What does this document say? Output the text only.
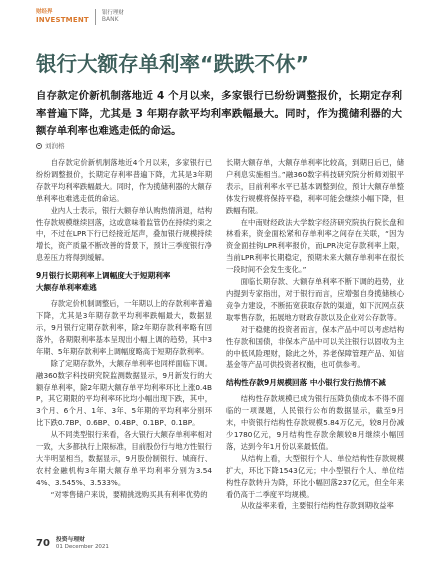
财经界
INVESTMENT
银行理财
BANK
银行大额存单利率“跌跌不休”
自存款定价新机制落地近 4 个月以来，多家银行已纷纷调整报价，长期定存利率普遍下降，尤其是 3 年期存款平均利率跌幅最大。同时，作为揽储利器的大额存单利率也难逃走低的命运。
刘润榕

自存款定价新机制落地近4个月以来，多家银行已纷纷调整报价，长期定存利率普遍下降，尤其是3年期存款平均利率跌幅最大。同时，作为揽储利器的大额存单利率也难逃走低的命运。

业内人士表示，银行大额存单认购热情消退，结构性存款规模继续回落，这或意味着监管仍在持续约束之中，不过在LPR下行已经接近尾声，叠加银行规模持续增长，资产质量不断改善的背景下，预计三季度银行净息差压力将得到缓解。

9月银行长期利率上调幅度大于短期利率
大额存单利率难逃

存款定价机制调整后，一年期以上的存款利率普遍下降，尤其是3年期存款平均利率跌幅最大，数据显示，9月银行定期存款利率，除2年期存款利率略有回落外，各期限利率基本呈现出小幅上调的趋势，其中3年期、5年期存款利率上调幅度略高于短期存款利率。

除了定期存款外，大额存单利率也同样面临下调。融360数字科技研究院监测数据显示，9月新发行的大额存单利率，除2年期大额存单平均利率环比上涨0.4BP，其它期限的平均利率环比均小幅出现下跌，其中，3个月、6个月、1年、3年、5年期的平均利率分别环比下跌0.7BP、0.6BP、0.4BP、0.1BP、0.1BP。

从不同类型银行来看，各大银行大额存单利率相对一致，大多都执行上限标准，目前股份行与地方性银行大半明显相当，数据显示，9月股份制银行、城商行、农村金融机构3年期大额存单平均利率分别为3.544%、3.545%、3.533%。

“对零售储户来说，要精挑选购买具有利率优势的

长期大额存单，大额存单利率比较高，到期日后已，储户利息实施相当。”融360数字科技研究院分析师刘银平表示，目前利率水平已基本调整到位，预计大额存单整体发行规模将保持平稳，利率可能会继续小幅下降，但跌幅有限。

在中南财经政法大学数字经济研究院执行院长盘和林看来，资金面松紧和存单利率之间存在关联，“因为资金面挂钩LPR利率报价，而LPR决定存款利率上限，当前LPR利率长期稳定，预期未来大额存单利率在很长一段时间不会发生变化。”

面临长期存款、大额存单利率不断下调的趋势，业内提到专家指出，对于银行而言，应增强自身揽储核心竞争力建设，不断拓宽获取存款的渠道，如下沉网点获取零售存款，拓展地方财政存款以及企业对公存款等。

对于稳健的投资者而言，保本产品中可以考虑结构性存款和国债，非保本产品中可以关注银行以固收为主的中低风险理财，除此之外，养老保障管理产品、知信基金等产品可供投资者权衡，也可供参考。

结构性存款9月规模回落 中小银行发行热情不减

结构性存款规模已成为银行压降负债成本不得不面临的一项课题，人民银行公布的数据显示，截至9月末，中资银行结构性存款规模5.84万亿元，较8月份减少1780亿元，9月结构性存款余额较8月继续小幅回落，达到今年1月份以来最低值。

从结构上看，大型银行个人、单位结构性存款规模扩大，环比下降1543亿元；中小型银行个人、单位结构性存款转升为降，环比小幅回落237亿元，但全年来看仍高于二季度平均规模。

从收益率来看，主要银行结构性存款到期收益率

70 投资与理财
01 December 2021
